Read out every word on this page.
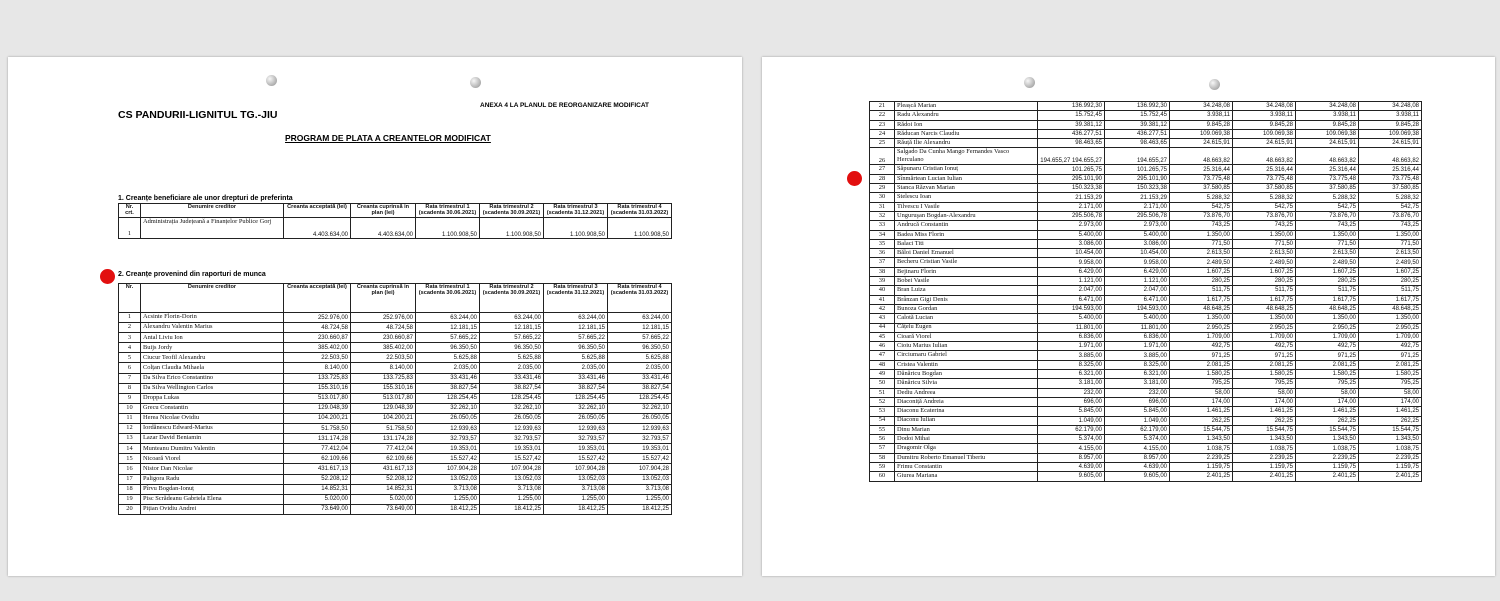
CS PANDURII-LIGNITUL TG.-JIU
ANEXA 4 LA PLANUL DE REORGANIZARE MODIFICAT
PROGRAM DE PLATA A CREANTELOR MODIFICAT
1. Creanțe beneficiare ale unor drepturi de preferinta
Nr. crt.	Denumire creditor	Creanta acceptată (lei)	Creanta cuprinsă in plan (lei)	Rata trimestrul 1 (scadenta 30.06.2021)	Rata trimestrul 2 (scadenta 30.09.2021)	Rata trimestrul 3 (scadenta 31.12.2021)	Rata trimestrul 4 (scadenta 31.03.2022)
1	Administrația Județeană a Finanțelor Publice Gorj	4.403.634,00	4.403.634,00	1.100.908,50	1.100.908,50	1.100.908,50	1.100.908,50
2. Creanțe provenind din raporturi de munca
Nr.	Denumire creditor	Creanta acceptată (lei)	Creanta cuprinsă in plan (lei)	Rata trimestrul 1 (scadenta 30.06.2021)	Rata trimestrul 2 (scadenta 30.09.2021)	Rata trimestrul 3 (scadenta 31.12.2021)	Rata trimestrul 4 (scadenta 31.03.2022)
1	Acsinte Florin-Dorin	252.976,00	252.976,00	63.244,00	63.244,00	63.244,00	63.244,00
2	Alexandru Valentin Marius	48.724,58	48.724,58	12.181,15	12.181,15	12.181,15	12.181,15
3	Antal Liviu Ion	230.660,87	230.660,87	57.665,22	57.665,22	57.665,22	57.665,22
4	Buijs Jordy	385.402,00	385.402,00	96.350,50	96.350,50	96.350,50	96.350,50
5	Ciucur Teofil Alexandru	22.503,50	22.503,50	5.625,88	5.625,88	5.625,88	5.625,88
6	Colțan Claudia Mihaela	8.140,00	8.140,00	2.035,00	2.035,00	2.035,00	2.035,00
7	Da Silva Erico Constantino	133.725,83	133.725,83	33.431,46	33.431,46	33.431,46	33.431,46
8	Da Silva Wellington Carlos	155.310,16	155.310,16	38.827,54	38.827,54	38.827,54	38.827,54
9	Droppa Lukas	513.017,80	513.017,80	128.254,45	128.254,45	128.254,45	128.254,45
10	Grecu Constantin	129.048,39	129.048,39	32.262,10	32.262,10	32.262,10	32.262,10
11	Herea Nicolae Ovidiu	104.200,21	104.200,21	26.050,05	26.050,05	26.050,05	26.050,05
12	Iordănescu Edward-Marius	51.758,50	51.758,50	12.939,63	12.939,63	12.939,63	12.939,63
13	Lazar David Beniamin	131.174,28	131.174,28	32.793,57	32.793,57	32.793,57	32.793,57
14	Munteanu Dumitru Valentin	77.412,04	77.412,04	19.353,01	19.353,01	19.353,01	19.353,01
15	Nicoară Viorel	62.109,66	62.109,66	15.527,42	15.527,42	15.527,42	15.527,42
16	Nistor Dan Nicolae	431.617,13	431.617,13	107.904,28	107.904,28	107.904,28	107.904,28
17	Paligora Radu	52.208,12	52.208,12	13.052,03	13.052,03	13.052,03	13.052,03
18	Pîrvu Bogdan-Ionuț	14.852,31	14.852,31	3.713,08	3.713,08	3.713,08	3.713,08
19	Pisc Scrădeanu Gabriela Elena	5.020,00	5.020,00	1.255,00	1.255,00	1.255,00	1.255,00
20	Pițian Ovidiu Andrei	73.649,00	73.649,00	18.412,25	18.412,25	18.412,25	18.412,25
21	Pleașcă Marian	136.992,30	136.992,30	34.248,08	34.248,08	34.248,08	34.248,08
22	Radu Alexandru	15.752,45	15.752,45	3.938,11	3.938,11	3.938,11	3.938,11
23	Rădoi Ion	39.381,12	39.381,12	9.845,28	9.845,28	9.845,28	9.845,28
24	Răducan Narcis Claudiu	436.277,51	436.277,51	109.069,38	109.069,38	109.069,38	109.069,38
25	Răuță Ilie Alexandru	98.463,65	98.463,65	24.615,91	24.615,91	24.615,91	24.615,91
26	Salgado Da Cunha Mango Fernandes Vasco Herculano	194.655,27 194.655,27	194.655,27	48.663,82	48.663,82	48.663,82	48.663,82
27	Săpunaru Cristian Ionuț	101.265,75	101.265,75	25.316,44	25.316,44	25.316,44	25.316,44
28	Sînmărtean Lucian Iulian	295.101,90	295.101,90	73.775,48	73.775,48	73.775,48	73.775,48
29	Stanca Răzvan Marian	150.323,38	150.323,38	37.580,85	37.580,85	37.580,85	37.580,85
30	Stelescu Ioan	21.153,29	21.153,29	5.288,32	5.288,32	5.288,32	5.288,32
31	Tilvescu I Vasile	2.171,00	2.171,00	542,75	542,75	542,75	542,75
32	Unguruşan Bogdan-Alexandru	295.506,78	295.506,78	73.876,70	73.876,70	73.876,70	73.876,70
33	Andrucă Constantin	2.973,00	2.973,00	743,25	743,25	743,25	743,25
34	Badea Miss Florin	5.400,00	5.400,00	1.350,00	1.350,00	1.350,00	1.350,00
35	Balaci Titi	3.086,00	3.086,00	771,50	771,50	771,50	771,50
36	Băloi Daniel Emanuel	10.454,00	10.454,00	2.613,50	2.613,50	2.613,50	2.613,50
37	Becheru Cristian Vasile	9.958,00	9.958,00	2.489,50	2.489,50	2.489,50	2.489,50
38	Bejinaru Florin	6.429,00	6.429,00	1.607,25	1.607,25	1.607,25	1.607,25
39	Bobei Vasile	1.121,00	1.121,00	280,25	280,25	280,25	280,25
40	Bran Luiza	2.047,00	2.047,00	511,75	511,75	511,75	511,75
41	Brânzan Gigi Denis	6.471,00	6.471,00	1.617,75	1.617,75	1.617,75	1.617,75
42	Bunoza Gordan	194.593,00	194.593,00	48.648,25	48.648,25	48.648,25	48.648,25
43	Calotă Lucian	5.400,00	5.400,00	1.350,00	1.350,00	1.350,00	1.350,00
44	Cățelu Eugen	11.801,00	11.801,00	2.950,25	2.950,25	2.950,25	2.950,25
45	Cioară Viorel	6.836,00	6.836,00	1.709,00	1.709,00	1.709,00	1.709,00
46	Cioiu Marius Iulian	1.971,00	1.971,00	492,75	492,75	492,75	492,75
47	Circiumaru Gabriel	3.885,00	3.885,00	971,25	971,25	971,25	971,25
48	Cristea Valentin	8.325,00	8.325,00	2.081,25	2.081,25	2.081,25	2.081,25
49	Dănăricu Bogdan	6.321,00	6.321,00	1.580,25	1.580,25	1.580,25	1.580,25
50	Dănăricu Silvia	3.181,00	3.181,00	795,25	795,25	795,25	795,25
51	Dediu Andreea	232,00	232,00	58,00	58,00	58,00	58,00
52	Diaconiță Andreia	696,00	696,00	174,00	174,00	174,00	174,00
53	Diaconu Ecaterina	5.845,00	5.845,00	1.461,25	1.461,25	1.461,25	1.461,25
54	Diaconu Iulian	1.049,00	1.049,00	262,25	262,25	262,25	262,25
55	Dinu Marian	62.179,00	62.179,00	15.544,75	15.544,75	15.544,75	15.544,75
56	Dodoi Mihai	5.374,00	5.374,00	1.343,50	1.343,50	1.343,50	1.343,50
57	Dragomir Olga	4.155,00	4.155,00	1.038,75	1.038,75	1.038,75	1.038,75
58	Dumitru Roberto Emanuel Tiberiu	8.957,00	8.957,00	2.239,25	2.239,25	2.239,25	2.239,25
59	Frimu Constantin	4.639,00	4.639,00	1.159,75	1.159,75	1.159,75	1.159,75
60	Giurea Mariana	9.605,00	9.605,00	2.401,25	2.401,25	2.401,25	2.401,25
